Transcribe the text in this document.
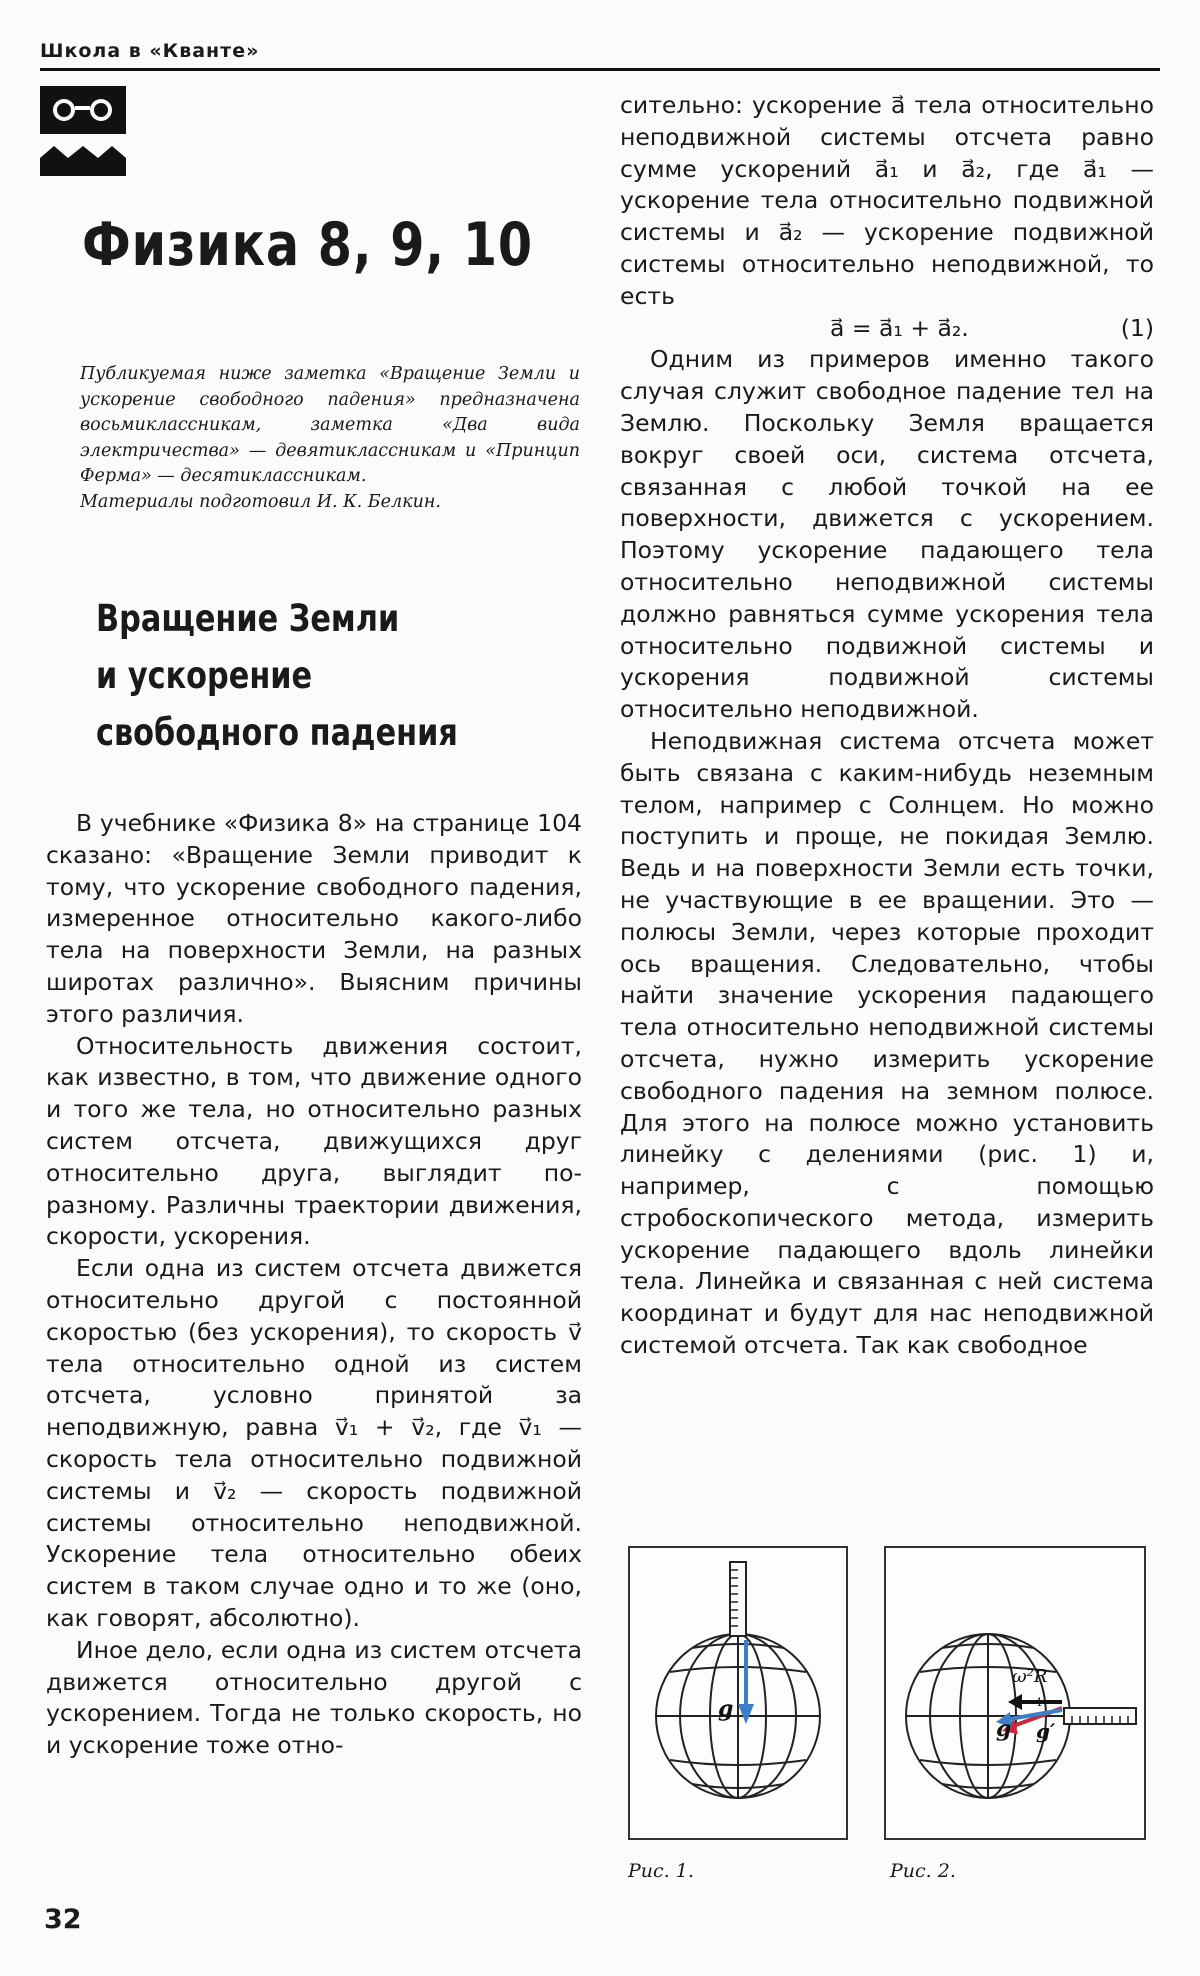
Школа в «Кванте»
Физика 8, 9, 10

Публикуемая ниже заметка «Вращение Земли и ускорение свободного падения» предназначена восьмиклассникам, заметка «Два вида электричества» — девятиклассникам и «Принцип Ферма» — десятиклассникам.

Материалы подготовил И. К. Белкин.

Вращение Земли
и ускорение
свободного падения

В учебнике «Физика 8» на странице 104 сказано: «Вращение Земли приводит к тому, что ускорение свободного падения, измеренное относительно какого-либо тела на поверхности Земли, на разных широтах различно». Выясним причины этого различия.

Относительность движения состоит, как известно, в том, что движение одного и того же тела, но относительно разных систем отсчета, движущихся друг относительно друга, выглядит по-разному. Различны траектории движения, скорости, ускорения.

Если одна из систем отсчета движется относительно другой с постоянной скоростью (без ускорения), то скорость v⃗ тела относительно одной из систем отсчета, условно принятой за неподвижную, равна v⃗₁ + v⃗₂, где v⃗₁ — скорость тела относительно подвижной системы и v⃗₂ — скорость подвижной системы относительно неподвижной. Ускорение тела относительно обеих систем в таком случае одно и то же (оно, как говорят, абсолютно).

Иное дело, если одна из систем отсчета движется относительно другой с ускорением. Тогда не только скорость, но и ускорение тоже отно-

сительно: ускорение a⃗ тела относительно неподвижной системы отсчета равно сумме ускорений a⃗₁ и a⃗₂, где a⃗₁ — ускорение тела относительно подвижной системы и a⃗₂ — ускорение подвижной системы относительно неподвижной, то есть

a⃗ = a⃗₁ + a⃗₂.	(1)

Одним из примеров именно такого случая служит свободное падение тел на Землю. Поскольку Земля вращается вокруг своей оси, система отсчета, связанная с любой точкой на ее поверхности, движется с ускорением. Поэтому ускорение падающего тела относительно неподвижной системы должно равняться сумме ускорения тела относительно подвижной системы и ускорения подвижной системы относительно неподвижной.

Неподвижная система отсчета может быть связана с каким-нибудь неземным телом, например с Солнцем. Но можно поступить и проще, не покидая Землю. Ведь и на поверхности Земли есть точки, не участвующие в ее вращении. Это — полюсы Земли, через которые проходит ось вращения. Следовательно, чтобы найти значение ускорения падающего тела относительно неподвижной системы отсчета, нужно измерить ускорение свободного падения на земном полюсе. Для этого на полюсе можно установить линейку с делениями (рис. 1) и, например, с помощью стробоскопического метода, измерить ускорение падающего вдоль линейки тела. Линейка и связанная с ней система координат и будут для нас неподвижной системой отсчета. Так как свободное

g
ω²R
1
g g′
Рис. 1.	Рис. 2.
32
